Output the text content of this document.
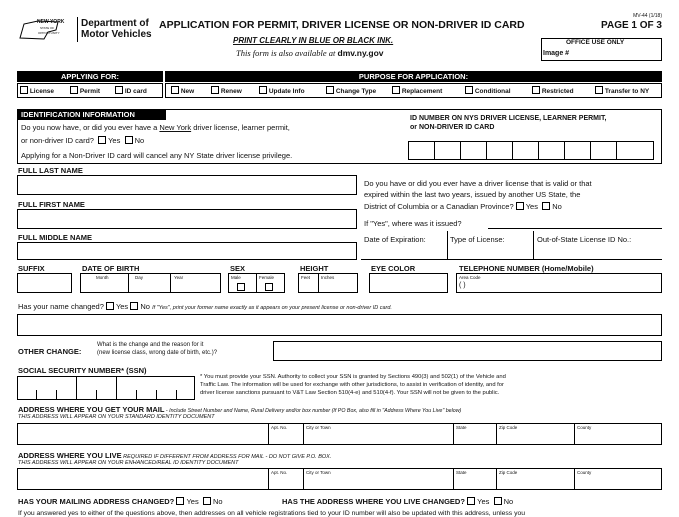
NEW YORK
STATE OF
OPPORTUNITY
Department of
Motor Vehicles
APPLICATION FOR PERMIT, DRIVER LICENSE OR NON-DRIVER ID CARD
MV-44 (1/18)
PAGE 1 OF 3
PRINT CLEARLY IN BLUE OR BLACK INK.
This form is also available at dmv.ny.gov
OFFICE USE ONLY
Image #
APPLYING FOR:	PURPOSE FOR APPLICATION:
License	Permit	ID card	New	Renew	Update Info	Change Type	Replacement	Conditional	Restricted	Transfer to NY
IDENTIFICATION INFORMATION
Do you now have, or did you ever have a New York driver license, learner permit,
or non-driver ID card? Yes No
Applying for a Non-Driver ID card will cancel any NY State driver license privilege.
ID NUMBER ON NYS DRIVER LICENSE, LEARNER PERMIT,
or NON-DRIVER ID CARD
FULL LAST NAME
FULL FIRST NAME
FULL MIDDLE NAME
Do you have or did you ever have a driver license that is valid or that
expired within the last two years, issued by another US State, the
District of Columbia or a Canadian Province? Yes No
If "Yes", where was it issued?
Date of Expiration:	Type of License:	Out-of-State License ID No.:
SUFFIX	DATE OF BIRTH
Month	Day	Year
SEX
Male	Female
HEIGHT
Feet Inches
EYE COLOR	TELEPHONE NUMBER (Home/Mobile)
Area Code
( )
Has your name changed? Yes No If "Yes", print your former name exactly as it appears on your present license or non-driver ID card.
OTHER CHANGE:
What is the change and the reason for it
(new license class, wrong date of birth, etc.)?
SOCIAL SECURITY NUMBER* (SSN)
* You must provide your SSN. Authority to collect your SSN is granted by Sections 490(3) and 502(1) of the Vehicle and
Traffic Law. The information will be used for exchange with other jurisdictions, to assist in verification of identity, and for
driver license sanctions pursuant to V&T Law Section 510(4-e) and 510(4-f). Your SSN will not be given to the public.
ADDRESS WHERE YOU GET YOUR MAIL - Include Street Number and Name, Rural Delivery and/or box number (If PO Box, also fill in "Address Where You Live" below)
THIS ADDRESS WILL APPEAR ON YOUR STANDARD IDENTITY DOCUMENT
Apt. No.	City or Town	State	Zip Code	County
ADDRESS WHERE YOU LIVE REQUIRED IF DIFFERENT FROM ADDRESS FOR MAIL - DO NOT GIVE P.O. BOX.
THIS ADDRESS WILL APPEAR ON YOUR ENHANCED/REAL ID IDENTITY DOCUMENT
Apt. No.	City or Town	State	Zip Code	County
HAS YOUR MAILING ADDRESS CHANGED? Yes No	HAS THE ADDRESS WHERE YOU LIVE CHANGED? Yes No
If you answered yes to either of the questions above, then addresses on all vehicle registrations tied to your ID number will also be updated with this address, unless you
